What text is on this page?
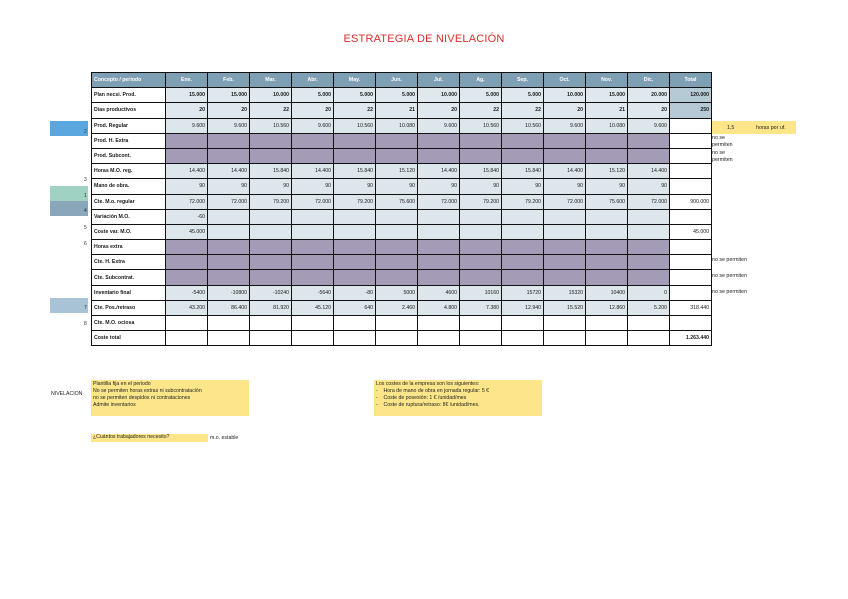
ESTRATEGIA DE NIVELACIÓN
2
3
1
4
5
6
7
8
Concepto / periodo	Ene.	Feb.	Mar.	Abr.	May.	Jun.	Jul.	Ag.	Sep.	Oct.	Nov.	Dic.	Total
Plan necsi. Prod.	15.000	15.000	10.000	5.000	5.000	5.000	10.000	5.000	5.000	10.000	15.000	20.000	120.000
Días productivos	20	20	22	20	22	21	20	22	22	20	21	20	250
Prod. Regular	9.600	9.600	10.560	9.600	10.560	10.080	9.600	10.560	10.560	9.600	10.080	9.600	
Prod. H. Extra													
Prod. Subcont.													
Horas M.O. reg.	14.400	14.400	15.840	14.400	15.840	15.120	14.400	15.840	15.840	14.400	15.120	14.400	
Mano de obra.	90	90	90	90	90	90	90	90	90	90	90	90	
Cte. M.o. regular	72.000	72.000	79.200	72.000	79.200	75.600	72.000	79.200	79.200	72.000	75.600	72.000	900.000
Variación M.O.	-60												
Coste var. M.O.	45.000												45.000
Horas extra													
Cte. H. Extra													
Cte. Subcontrat.													
Inventario final	-5400	-10800	-10240	-5640	-80	5000	4600	10160	15720	15320	10400	0	
Cte. Pos./retraso	43.200	86.400	81.920	45.120	640	2.460	4.800	7.380	12.940	15.520	12.860	5.200	318.440
Cte. M.O. ociosa													
Coste total													1.263.440
1,5	horas por uf.
no se permiten
no se permiten
no se permiten
no se permiten
no se permiten
NIVELACION
Plantilla fija en el periodo
No se permiten horas extras ni subcontratación
no se permiten despidos ni contrataciones
Admite inventarios
Los costes de la empresa son los siguientes:
-    Hora de mano de obra en jornada regular: 5 €
-    Coste de posesión: 1 € /unidad/mes
-    Coste de ruptura/retraso: 8€ /unidad/mes.
¿Cuántos trabajadores necesito?	m.o. estable
